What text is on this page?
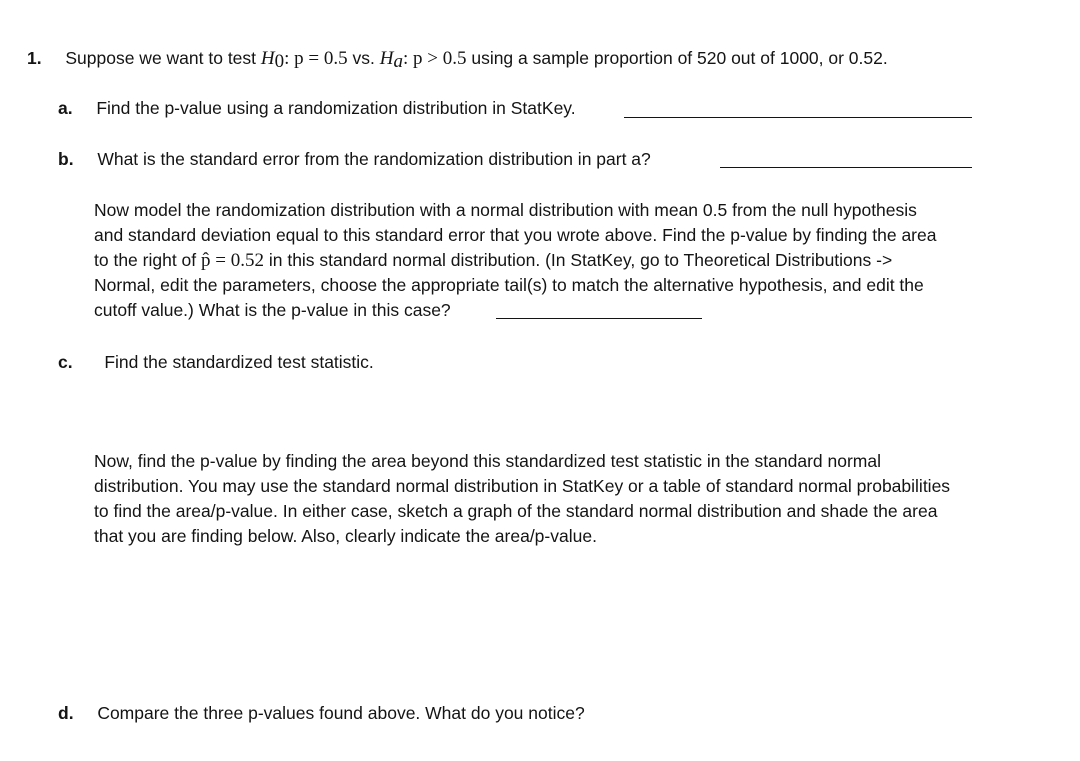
1. Suppose we want to test $H_0$: p = 0.5 vs. $H_a$: p > 0.5 using a sample proportion of 520 out of 1000, or 0.52.
a. Find the p-value using a randomization distribution in StatKey.
b. What is the standard error from the randomization distribution in part a?
Now model the randomization distribution with a normal distribution with mean 0.5 from the null hypothesis
and standard deviation equal to this standard error that you wrote above. Find the p-value by finding the area
to the right of p̂ = 0.52 in this standard normal distribution. (In StatKey, go to Theoretical Distributions ->
Normal, edit the parameters, choose the appropriate tail(s) to match the alternative hypothesis, and edit the
cutoff value.) What is the p-value in this case?
c. Find the standardized test statistic.
Now, find the p-value by finding the area beyond this standardized test statistic in the standard normal
distribution. You may use the standard normal distribution in StatKey or a table of standard normal probabilities
to find the area/p-value. In either case, sketch a graph of the standard normal distribution and shade the area
that you are finding below. Also, clearly indicate the area/p-value.
d. Compare the three p-values found above. What do you notice?
